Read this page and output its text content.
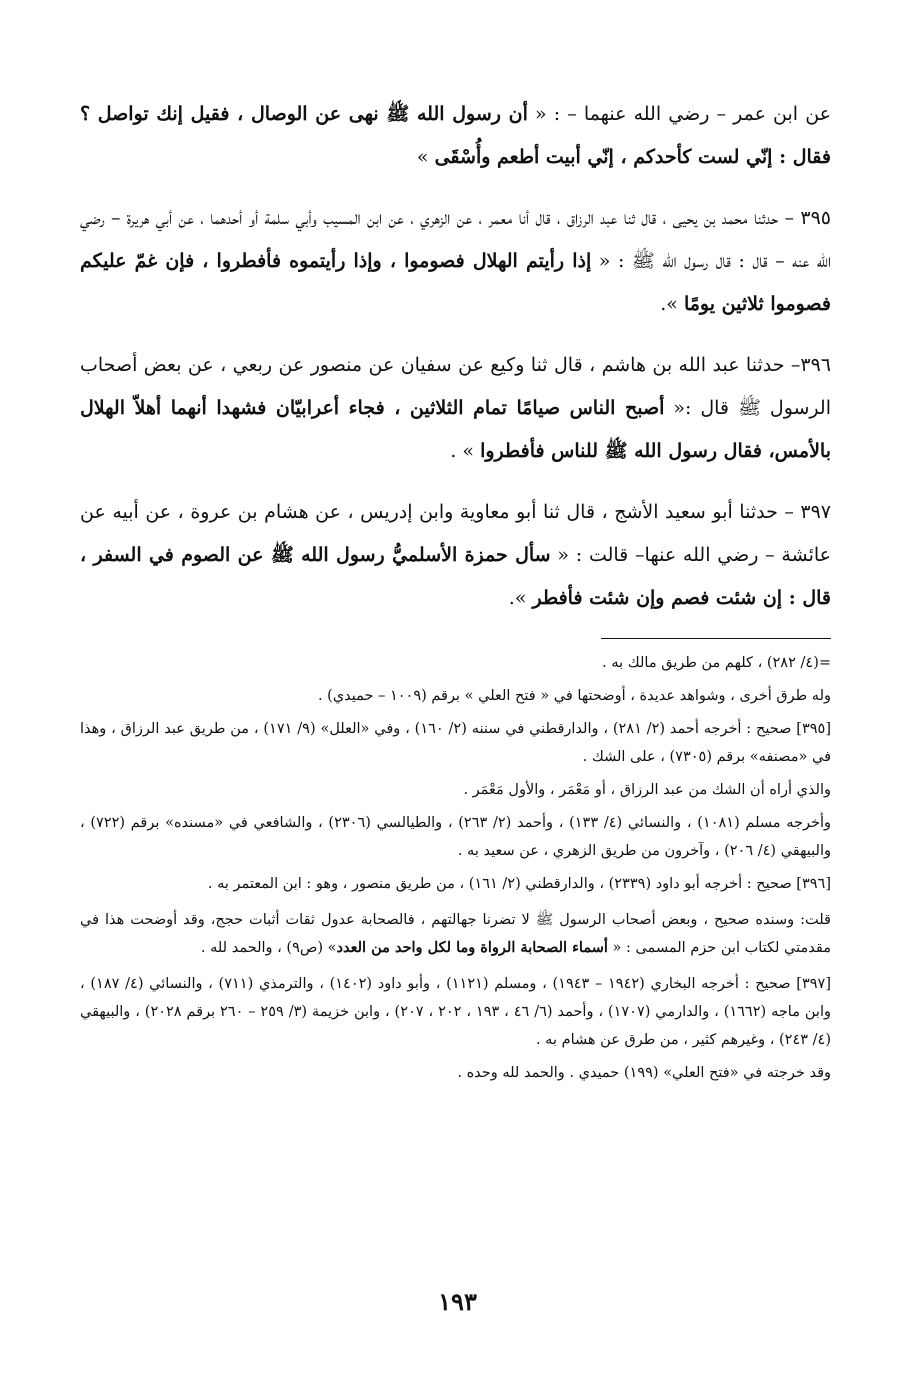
عن ابن عمر – رضي الله عنهما – : « أن رسول الله ﷺ نهى عن الوصال ، فقيل إنك تواصل ؟ فقال : إنّي لست كأحدكم ، إنّي أبيت أطعم وأُسْقَى »

٣٩٥ – حدثنا محمد بن يحيى ، قال ثنا عبد الرزاق ، قال أنا معمر ، عن الزهري ، عن ابن المسيب وأبي سلمة أو أحدهما ، عن أبي هريرة – رضي الله عنه – قال : قال رسول الله ﷺ : « إذا رأيتم الهلال فصوموا ، وإذا رأيتموه فأفطروا ، فإن غمّ عليكم فصوموا ثلاثين يومًا ».

٣٩٦– حدثنا عبد الله بن هاشم ، قال ثنا وكيع عن سفيان عن منصور عن ربعي ، عن بعض أصحاب الرسول ﷺ قال :« أصبح الناس صيامًا تمام الثلاثين ، فجاء أعرابيّان فشهدا أنهما أهلاّ الهلال بالأمس، فقال رسول الله ﷺ للناس فأفطروا » .

٣٩٧ – حدثنا أبو سعيد الأشج ، قال ثنا أبو معاوية وابن إدريس ، عن هشام بن عروة ، عن أبيه عن عائشة – رضي الله عنها– قالت : « سأل حمزة الأسلميُّ رسول الله ﷺ عن الصوم في السفر ، قال : إن شئت فصم وإن شئت فأفطر ».

=(٤/ ٢٨٢) ، كلهم من طريق مالك به .

وله طرق أخرى ، وشواهد عديدة ، أوضحتها في « فتح العلي » برقم (١٠٠٩ – حميدي) .

[٣٩٥] صحيح : أخرجه أحمد (٢/ ٢٨١) ، والدارقطني في سننه (٢/ ١٦٠) ، وفي «العلل» (٩/ ١٧١) ، من طريق عبد الرزاق ، وهذا في «مصنفه» برقم (٧٣٠٥) ، على الشك .

والذي أراه أن الشك من عبد الرزاق ، أو مَعْمَر ، والأول مَعْمَر .

وأخرجه مسلم (١٠٨١) ، والنسائي (٤/ ١٣٣) ، وأحمد (٢/ ٢٦٣) ، والطيالسي (٢٣٠٦) ، والشافعي في «مسنده» برقم (٧٢٢) ، والبيهقي (٤/ ٢٠٦) ، وآخرون من طريق الزهري ، عن سعيد به .

[٣٩٦] صحيح : أخرجه أبو داود (٢٣٣٩) ، والدارقطني (٢/ ١٦١) ، من طريق منصور ، وهو : ابن المعتمر به .

قلت: وسنده صحيح ، وبعض أصحاب الرسول ﷺ لا تضرنا جهالتهم ، فالصحابة عدول ثقات أثبات حجج، وقد أوضحت هذا في مقدمتي لكتاب ابن حزم المسمى : « أسماء الصحابة الرواة وما لكل واحد من العدد» (ص٩) ، والحمد لله .

[٣٩٧] صحيح : أخرجه البخاري (١٩٤٢ – ١٩٤٣) ، ومسلم (١١٢١) ، وأبو داود (١٤٠٢) ، والترمذي (٧١١) ، والنسائي (٤/ ١٨٧) ، وابن ماجه (١٦٦٢) ، والدارمي (١٧٠٧) ، وأحمد (٦/ ٤٦ ، ١٩٣ ، ٢٠٢ ، ٢٠٧) ، وابن خزيمة (٣/ ٢٥٩ – ٢٦٠ برقم ٢٠٢٨) ، والبيهقي (٤/ ٢٤٣) ، وغيرهم كثير ، من طرق عن هشام به .

وقد خرجته في «فتح العلي» (١٩٩) حميدي . والحمد لله وحده .

١٩٣
